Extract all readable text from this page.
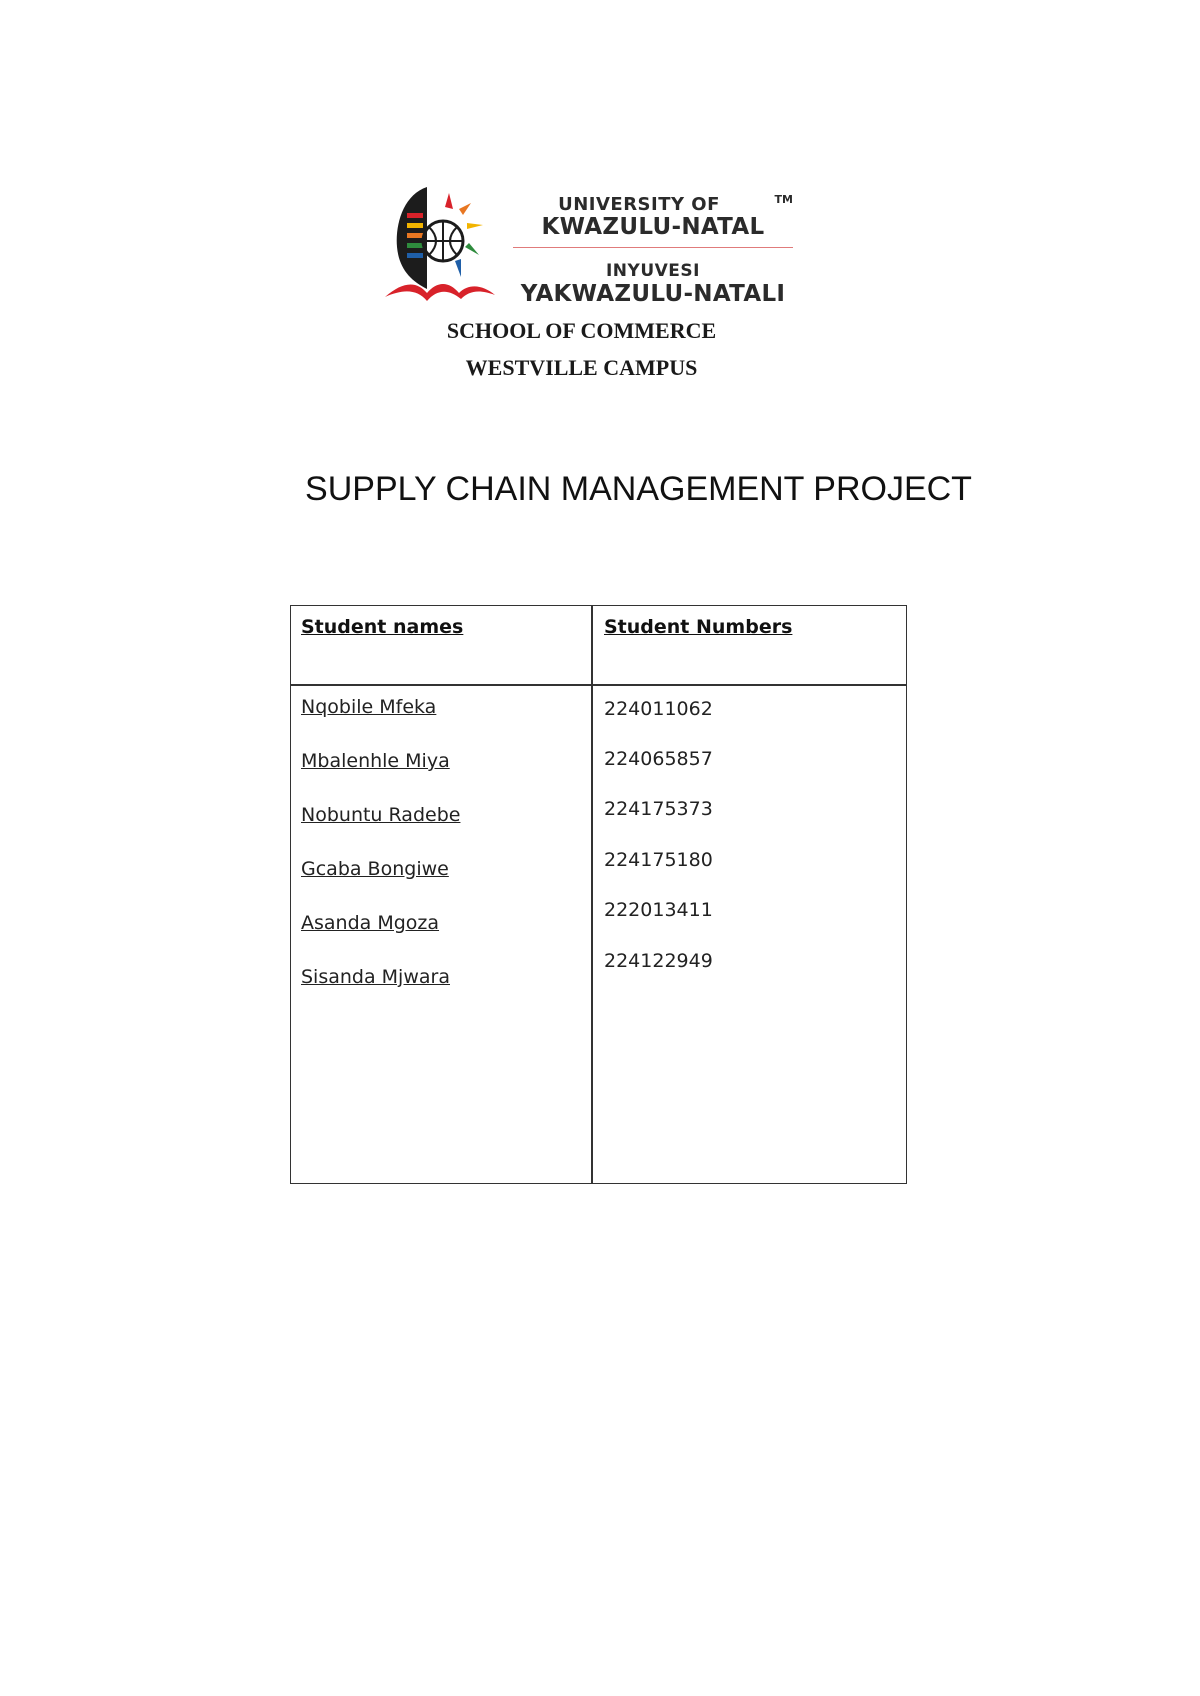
UNIVERSITY OF	TM
KWAZULU-NATAL
INYUVESI
YAKWAZULU-NATALI
SCHOOL OF COMMERCE
WESTVILLE CAMPUS
SUPPLY CHAIN MANAGEMENT PROJECT
Student names	Student Numbers
Nqobile Mfeka
Mbalenhle Miya
Nobuntu Radebe
Gcaba Bongiwe
Asanda Mgoza
Sisanda Mjwara
224011062
224065857
224175373
224175180
222013411
224122949
